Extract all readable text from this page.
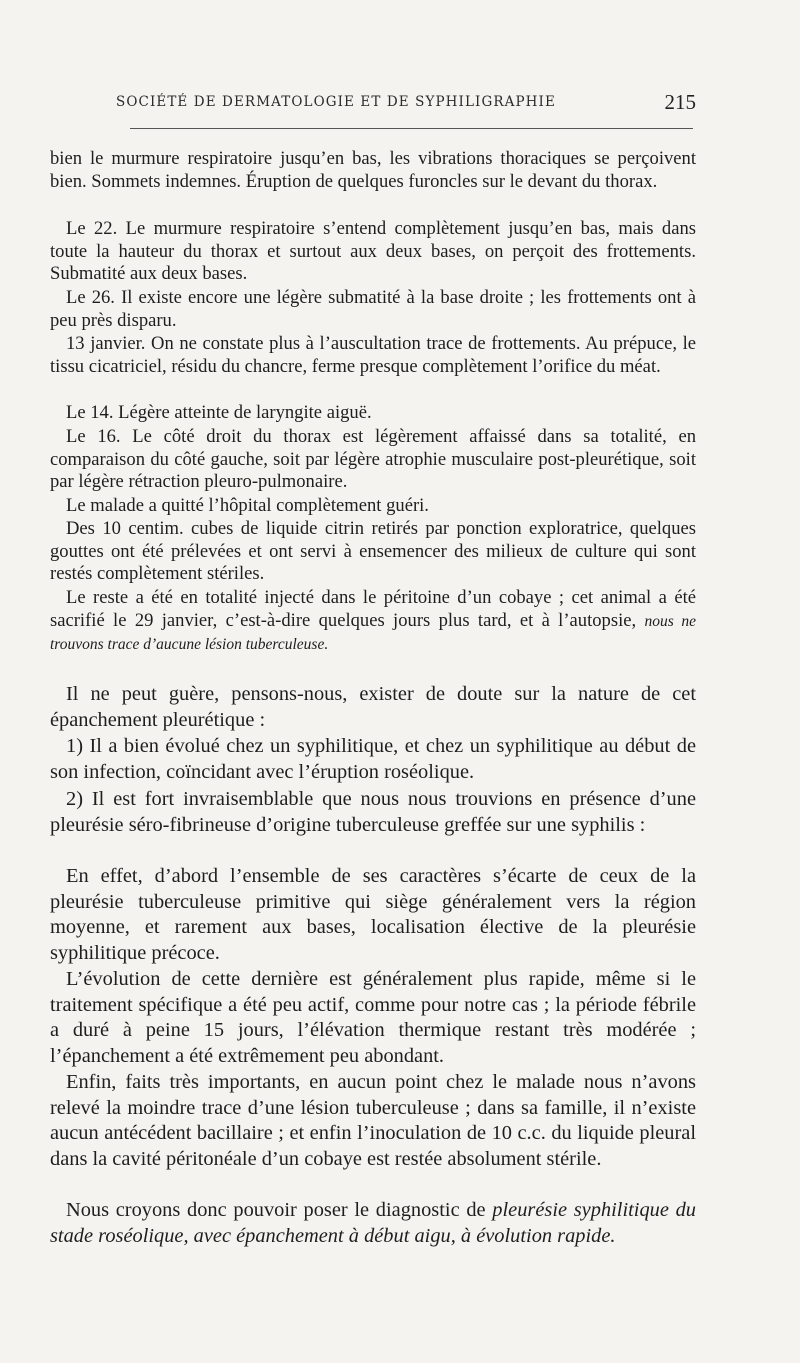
SOCIÉTÉ DE DERMATOLOGIE ET DE SYPHILIGRAPHIE	215

bien le murmure respiratoire jusqu’en bas, les vibrations thoraciques se perçoivent bien. Sommets indemnes. Éruption de quelques furoncles sur le devant du thorax.

Le 22. Le murmure respiratoire s’entend complètement jusqu’en bas, mais dans toute la hauteur du thorax et surtout aux deux bases, on perçoit des frottements. Submatité aux deux bases.

Le 26. Il existe encore une légère submatité à la base droite ; les frottements ont à peu près disparu.

13 janvier. On ne constate plus à l’auscultation trace de frottements. Au prépuce, le tissu cicatriciel, résidu du chancre, ferme presque complètement l’orifice du méat.

Le 14. Légère atteinte de laryngite aiguë.

Le 16. Le côté droit du thorax est légèrement affaissé dans sa totalité, en comparaison du côté gauche, soit par légère atrophie musculaire post-pleurétique, soit par légère rétraction pleuro-pulmonaire.

Le malade a quitté l’hôpital complètement guéri.

Des 10 centim. cubes de liquide citrin retirés par ponction exploratrice, quelques gouttes ont été prélevées et ont servi à ensemencer des milieux de culture qui sont restés complètement stériles.

Le reste a été en totalité injecté dans le péritoine d’un cobaye ; cet animal a été sacrifié le 29 janvier, c’est-à-dire quelques jours plus tard, et à l’autopsie, nous ne trouvons trace d’aucune lésion tuberculeuse.

Il ne peut guère, pensons-nous, exister de doute sur la nature de cet épanchement pleurétique :

1) Il a bien évolué chez un syphilitique, et chez un syphilitique au début de son infection, coïncidant avec l’éruption roséolique.

2) Il est fort invraisemblable que nous nous trouvions en présence d’une pleurésie séro-fibrineuse d’origine tuberculeuse greffée sur une syphilis :

En effet, d’abord l’ensemble de ses caractères s’écarte de ceux de la pleurésie tuberculeuse primitive qui siège généralement vers la région moyenne, et rarement aux bases, localisation élective de la pleurésie syphilitique précoce.

L’évolution de cette dernière est généralement plus rapide, même si le traitement spécifique a été peu actif, comme pour notre cas ; la période fébrile a duré à peine 15 jours, l’élévation thermique restant très modérée ; l’épanchement a été extrêmement peu abondant.

Enfin, faits très importants, en aucun point chez le malade nous n’avons relevé la moindre trace d’une lésion tuberculeuse ; dans sa famille, il n’existe aucun antécédent bacillaire ; et enfin l’inoculation de 10 c.c. du liquide pleural dans la cavité péritonéale d’un cobaye est restée absolument stérile.

Nous croyons donc pouvoir poser le diagnostic de pleurésie syphilitique du stade roséolique, avec épanchement à début aigu, à évolution rapide.
